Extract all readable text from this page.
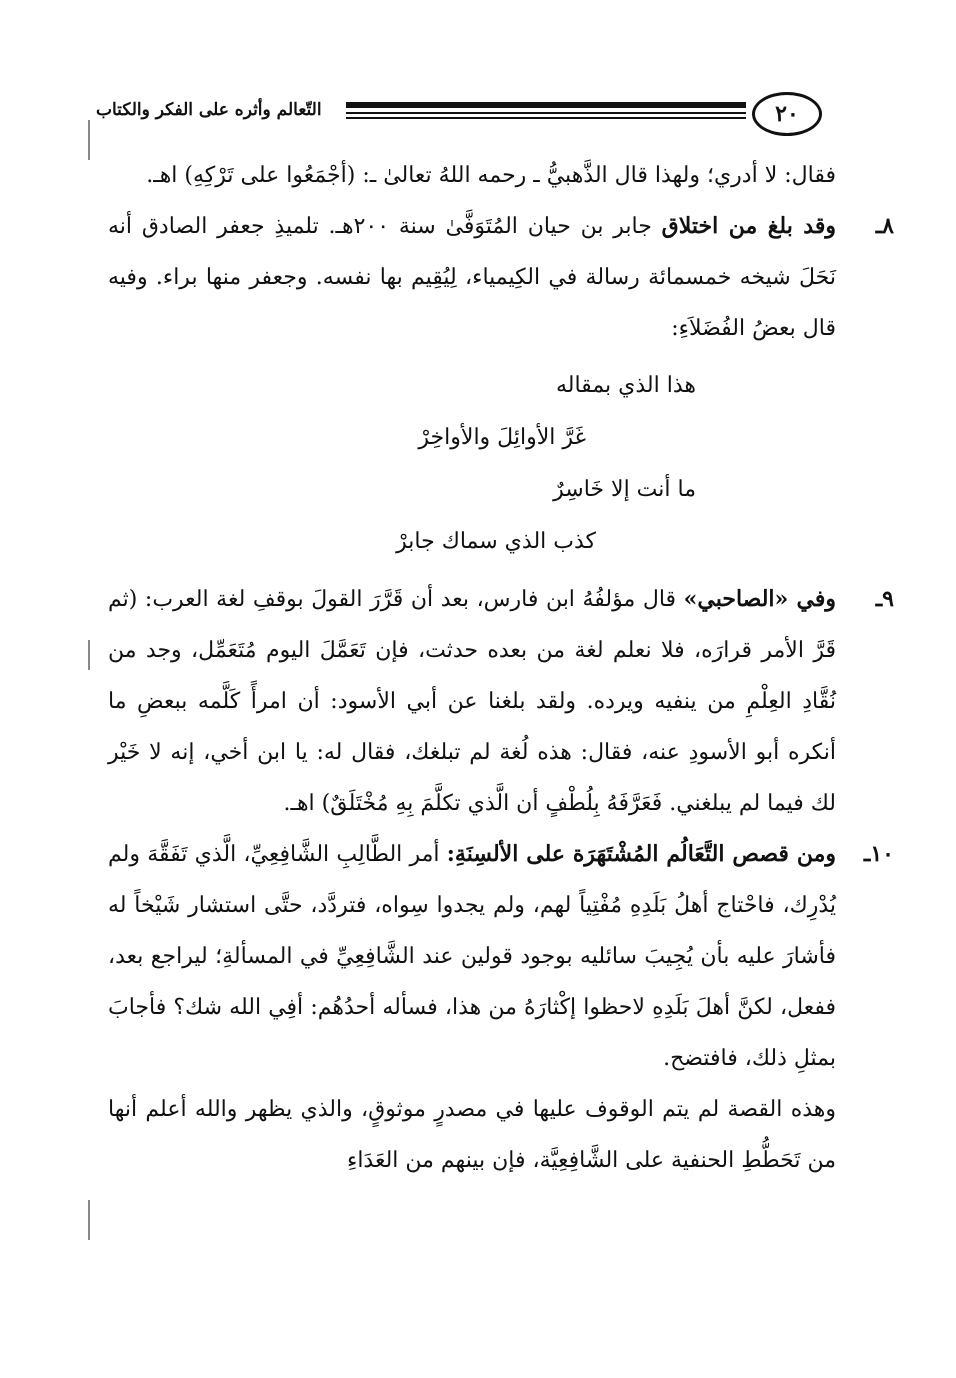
٢٠
التّعالم وأثره على الفكر والكتاب

فقال: لا أدري؛ ولهذا قال الذَّهبيُّ ـ رحمه اللهُ تعالىٰ ـ: (أجْمَعُوا على تَرْكِهِ) اهـ.

٨ـ
وقد بلغ من اختلاق جابر بن حيان المُتَوَفَّىٰ سنة ٢٠٠هـ. تلميذِ جعفر الصادق أنه نَحَلَ شيخه خمسمائة رسالة في الكِيمياء، لِيُقِيم بها نفسه. وجعفر منها براء. وفيه قال بعضُ الفُضَلاَءِ:
هذا الذي بمقاله
غَرَّ الأوائِلَ والأواخِرْ
ما أنت إلا خَاسِرٌ
كذب الذي سماك جابرْ
٩ـ
وفي «الصاحبي» قال مؤلفُهُ ابن فارس، بعد أن قَرَّرَ القولَ بوقفِ لغة العرب: (ثم قَرَّ الأمر قرارَه، فلا نعلم لغة من بعده حدثت، فإن تَعَمَّلَ اليوم مُتَعَمِّل، وجد من نُقَّادِ العِلْمِ من ينفيه ويرده. ولقد بلغنا عن أبي الأسود: أن امرأً كَلَّمه ببعضِ ما أنكره أبو الأسودِ عنه، فقال: هذه لُغة لم تبلغك، فقال له: يا ابن أخي، إنه لا خَيْر لك فيما لم يبلغني. فَعَرَّفَهُ بِلُطْفٍ أن الَّذي تكلَّمَ بِهِ مُخْتَلَقٌ) اهـ.
١٠ـ
ومن قصص التَّعَالُم المُشْتَهَرَة على الألسِنَةِ: أمر الطَّالِبِ الشَّافِعِيِّ، الَّذي تَفَقَّهَ ولم يُدْرِك، فاحْتاج أهلُ بَلَدِهِ مُفْتِياً لهم، ولم يجدوا سِواه، فتردَّد، حتَّى استشار شَيْخاً له فأشارَ عليه بأن يُجِيبَ سائليه بوجود قولين عند الشَّافِعِيِّ في المسألةِ؛ ليراجع بعد، ففعل، لكنَّ أهلَ بَلَدِهِ لاحظوا إكْثارَهُ من هذا، فسأله أحدُهُم: أفِي الله شك؟ فأجابَ بمثلِ ذلك، فافتضح.

وهذه القصة لم يتم الوقوف عليها في مصدرٍ موثوقٍ، والذي يظهر والله أعلم أنها من تَحَطُّطِ الحنفية على الشَّافِعِيَّة، فإن بينهم من العَدَاءِ
